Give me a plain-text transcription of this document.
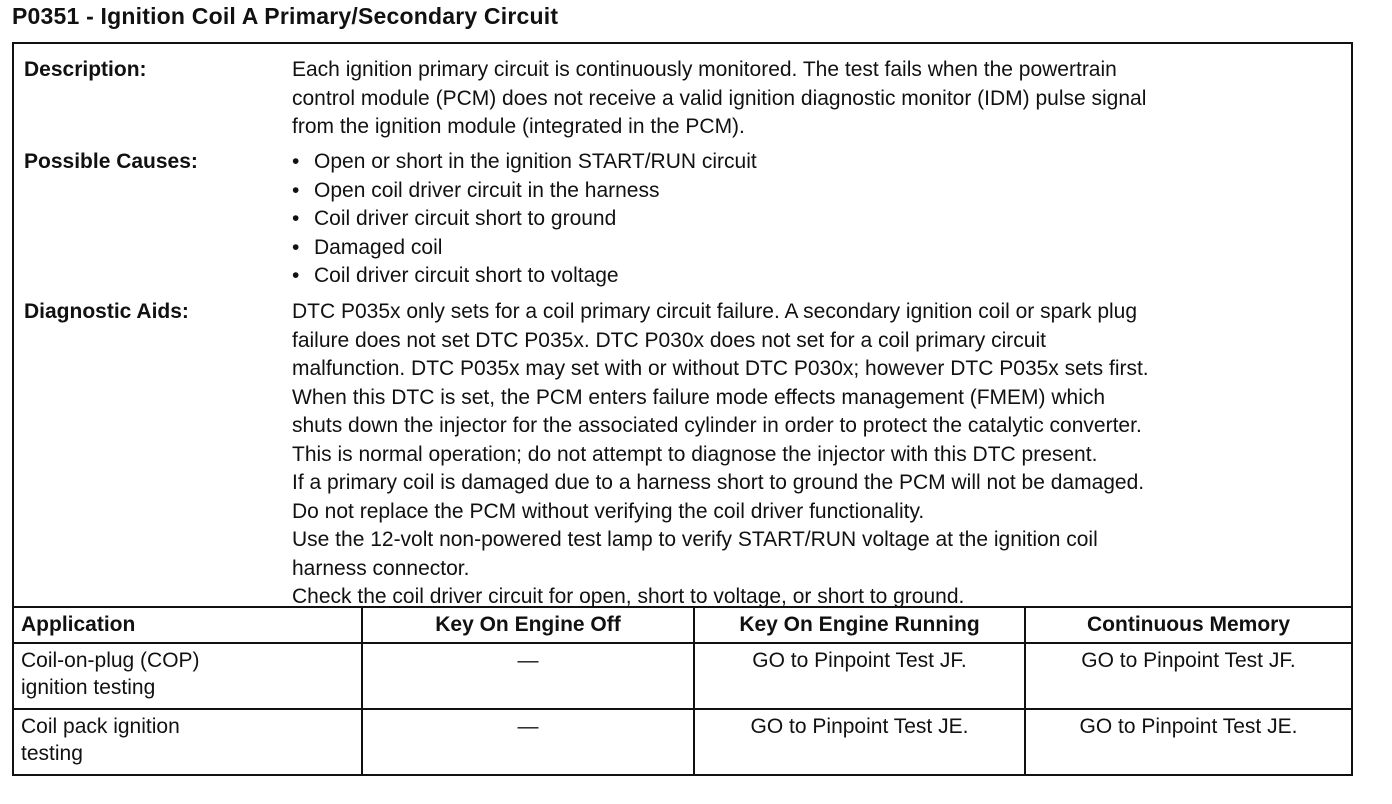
P0351 - Ignition Coil A Primary/Secondary Circuit
Description:	Each ignition primary circuit is continuously monitored. The test fails when the powertrain
control module (PCM) does not receive a valid ignition diagnostic monitor (IDM) pulse signal
from the ignition module (integrated in the PCM).
Possible Causes:	• Open or short in the ignition START/RUN circuit
• Open coil driver circuit in the harness
• Coil driver circuit short to ground
• Damaged coil
• Coil driver circuit short to voltage
Diagnostic Aids:	DTC P035x only sets for a coil primary circuit failure. A secondary ignition coil or spark plug
failure does not set DTC P035x. DTC P030x does not set for a coil primary circuit
malfunction. DTC P035x may set with or without DTC P030x; however DTC P035x sets first.
When this DTC is set, the PCM enters failure mode effects management (FMEM) which
shuts down the injector for the associated cylinder in order to protect the catalytic converter.
This is normal operation; do not attempt to diagnose the injector with this DTC present.
If a primary coil is damaged due to a harness short to ground the PCM will not be damaged.
Do not replace the PCM without verifying the coil driver functionality.
Use the 12-volt non-powered test lamp to verify START/RUN voltage at the ignition coil
harness connector.
Check the coil driver circuit for open, short to voltage, or short to ground.
Application	Key On Engine Off	Key On Engine Running	Continuous Memory
Coil-on-plug (COP)
ignition testing	—	GO to Pinpoint Test JF.	GO to Pinpoint Test JF.
Coil pack ignition
testing	—	GO to Pinpoint Test JE.	GO to Pinpoint Test JE.
